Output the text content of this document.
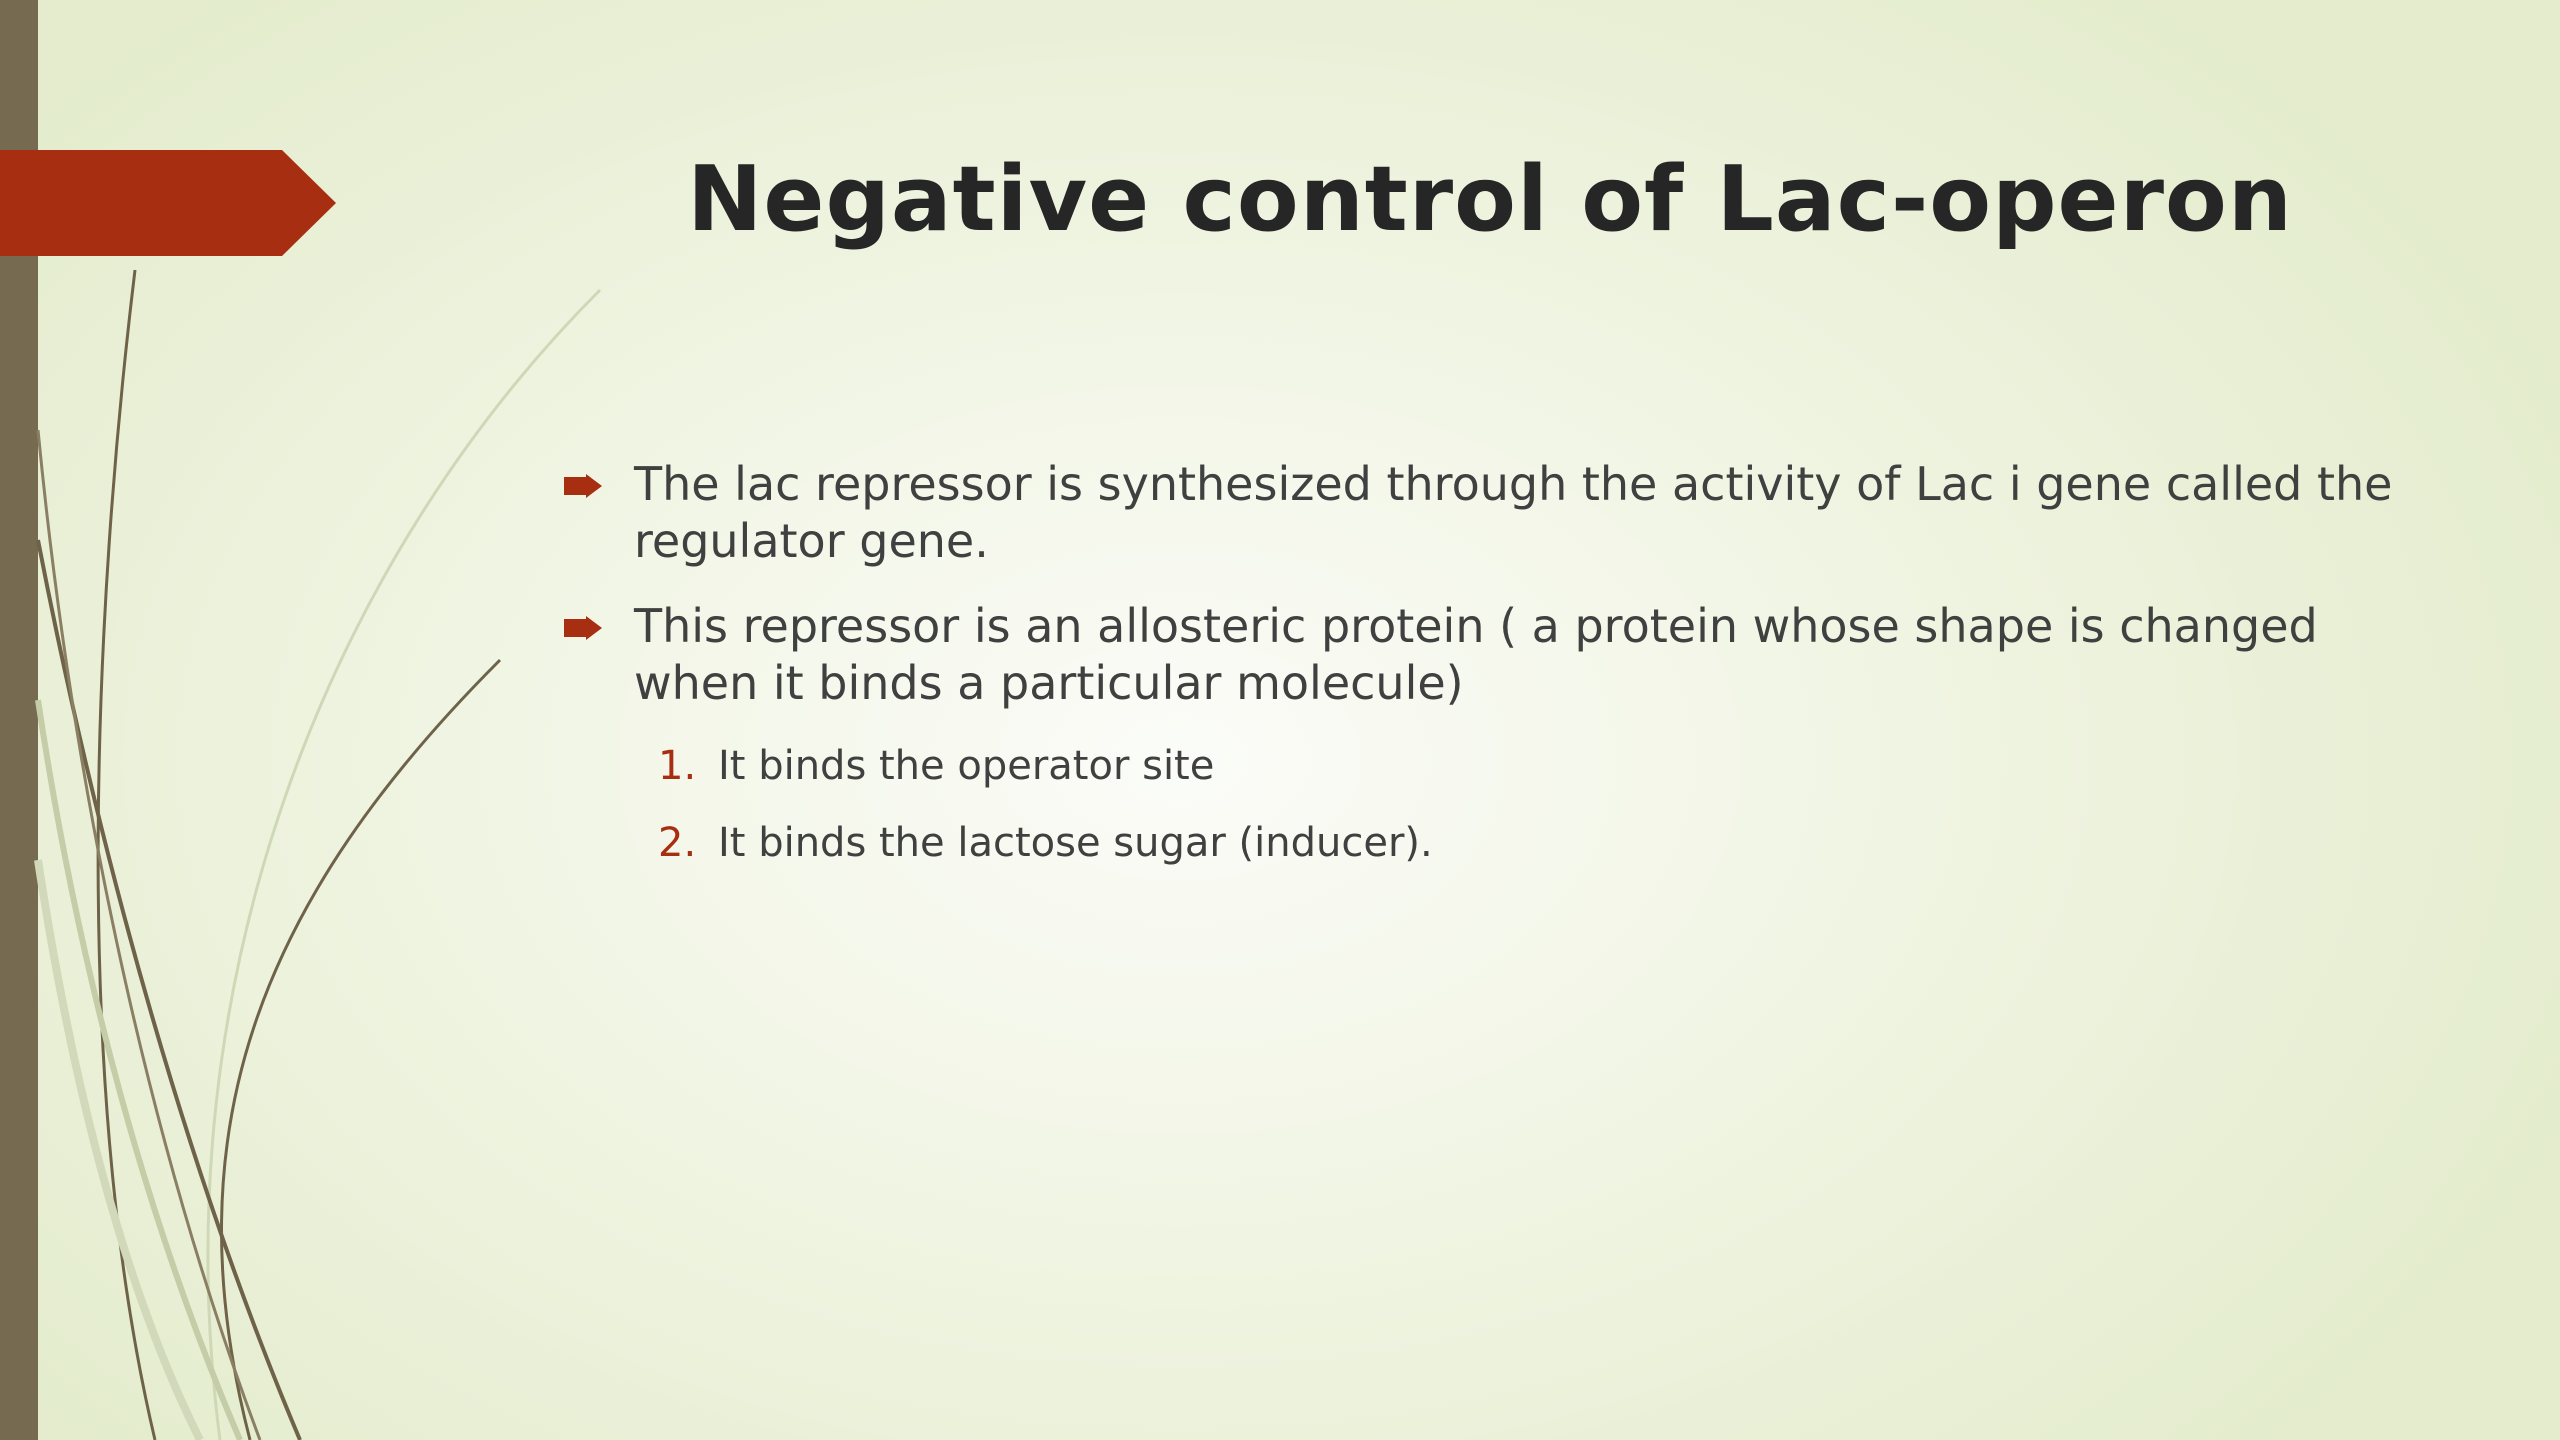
Negative control of Lac-operon
The lac repressor is synthesized through the activity of Lac i gene called the regulator gene.
This repressor is an allosteric protein ( a protein whose shape is changed when it binds a particular molecule)
1. It binds the operator site
2. It binds the lactose sugar (inducer).
